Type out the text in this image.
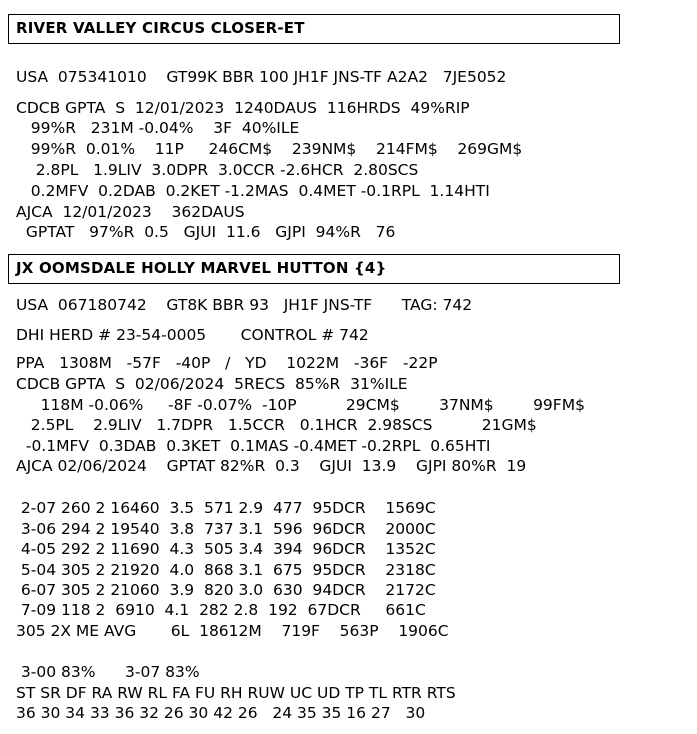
RIVER VALLEY CIRCUS CLOSER-ET
USA  075341010    GT99K BBR 100 JH1F JNS-TF A2A2   7JE5052
CDCB GPTA  S  12/01/2023  1240DAUS  116HRDS  49%RIP
99%R   231M -0.04%    3F  40%ILE
99%R  0.01%    11P     246CM$    239NM$    214FM$    269GM$
2.8PL   1.9LIV  3.0DPR  3.0CCR -2.6HCR  2.80SCS
0.2MFV  0.2DAB  0.2KET -1.2MAS  0.4MET -0.1RPL  1.14HTI
AJCA  12/01/2023    362DAUS
GPTAT   97%R  0.5   GJUI  11.6   GJPI  94%R   76
JX OOMSDALE HOLLY MARVEL HUTTON {4}
USA  067180742    GT8K BBR 93   JH1F JNS-TF      TAG: 742
DHI HERD # 23-54-0005       CONTROL # 742
PPA   1308M   -57F   -40P   /   YD    1022M   -36F   -22P
CDCB GPTA  S  02/06/2024  5RECS  85%R  31%ILE
118M -0.06%     -8F -0.07%  -10P          29CM$        37NM$        99FM$
2.5PL    2.9LIV   1.7DPR   1.5CCR   0.1HCR  2.98SCS          21GM$
-0.1MFV  0.3DAB  0.3KET  0.1MAS -0.4MET -0.2RPL  0.65HTI
AJCA 02/06/2024    GPTAT 82%R  0.3    GJUI  13.9    GJPI 80%R  19
2-07 260 2 16460  3.5  571 2.9  477  95DCR    1569C
3-06 294 2 19540  3.8  737 3.1  596  96DCR    2000C
4-05 292 2 11690  4.3  505 3.4  394  96DCR    1352C
5-04 305 2 21920  4.0  868 3.1  675  95DCR    2318C
6-07 305 2 21060  3.9  820 3.0  630  94DCR    2172C
7-09 118 2  6910  4.1  282 2.8  192  67DCR     661C
305 2X ME AVG       6L  18612M    719F    563P    1906C
3-00 83%      3-07 83%
ST SR DF RA RW RL FA FU RH RUW UC UD TP TL RTR RTS
36 30 34 33 36 32 26 30 42 26   24 35 35 16 27   30
